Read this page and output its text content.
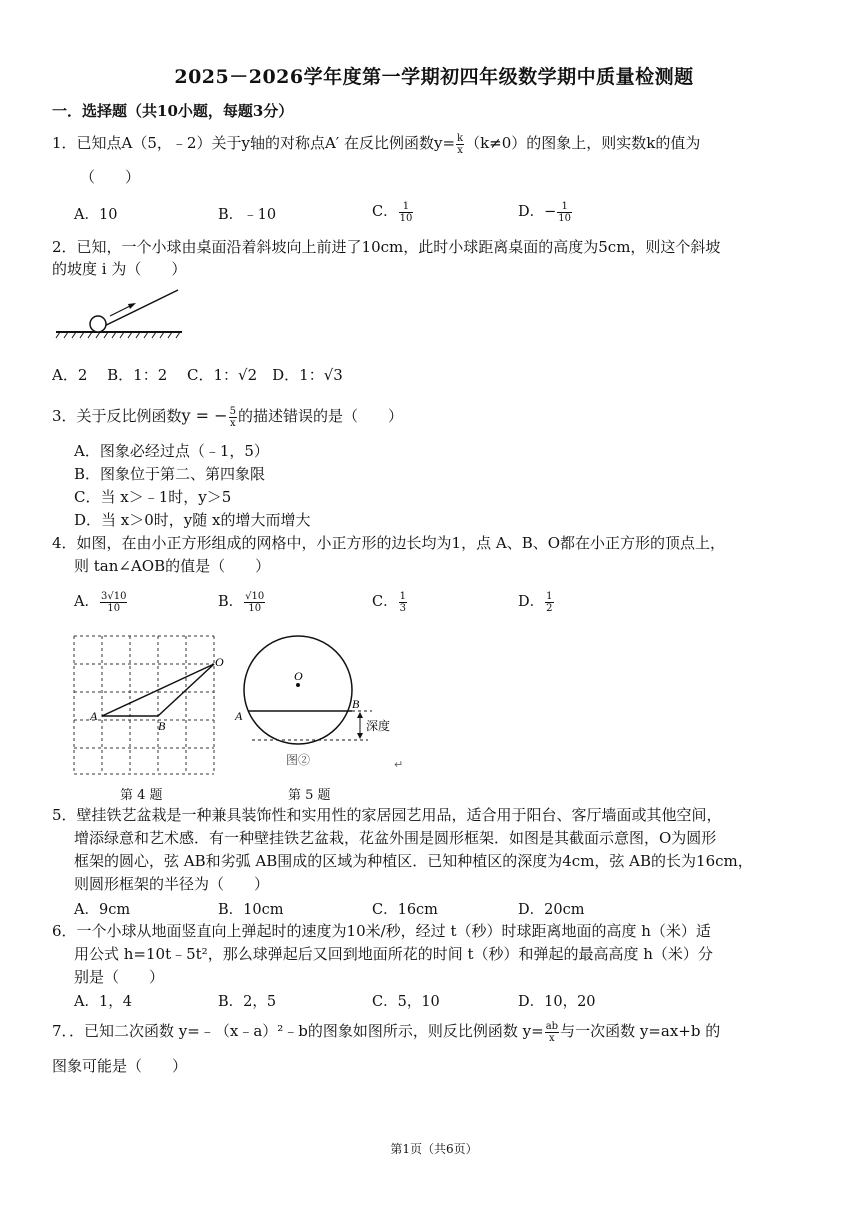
2025－2026学年度第一学期初四年级数学期中质量检测题
一．选择题（共10小题，每题3分）
1．已知点A（5，﹣2）关于y轴的对称点A′ 在反比例函数$y= \frac{k}{x} (k\ne 0)$的图象上，则实数k的值为
（　　）
A．10	B．﹣10	C． $\frac{1}{10}$	D．− $\frac{1}{10}$
2．已知，一个小球由桌面沿着斜坡向上前进了10cm，此时小球距离桌面的高度为5cm，则这个斜坡
的坡度 i 为（　　）
A．2　 B．1：2　 C．1：√2　D．1：√3
3．关于反比例函数y = − $\frac{5}{x}$ 的描述错误的是（　　）
A．图象必经过点（﹣1，5）
B．图象位于第二、第四象限
C．当 x＞﹣1时，y＞5
D．当 x＞0时，y随 x的增大而增大
4．如图，在由小正方形组成的网格中，小正方形的边长均为1，点 A、B、O都在小正方形的顶点上，
则 tan∠AOB的值是（　　）
A． $\frac{3√10}{10}$	B． $\frac{√10}{10}$	C． $\frac{1}{3}$	D． $\frac{1}{2}$
A
B
O
第 4 题
O
A
B
深度
图②	↵
第 5 题
5．壁挂铁艺盆栽是一种兼具装饰性和实用性的家居园艺用品，适合用于阳台、客厅墙面或其他空间，
增添绿意和艺术感．有一种壁挂铁艺盆栽，花盆外围是圆形框架．如图是其截面示意图，O为圆形
框架的圆心，弦 AB和劣弧 AB围成的区域为种植区．已知种植区的深度为4cm，弦 AB的长为16cm，
则圆形框架的半径为（　　）
A．9cm	B．10cm	C．16cm	D．20cm
6．一个小球从地面竖直向上弹起时的速度为10米/秒，经过 t（秒）时球距离地面的高度 h（米）适
用公式 h=10t﹣5t²，那么球弹起后又回到地面所花的时间 t（秒）和弹起的最高高度 h（米）分
别是（　　）
A．1，4	B．2，5	C．5，10	D．10，20
7．．已知二次函数 y=﹣（x﹣a）²﹣b的图象如图所示，则反比例函数 $y= \frac{ab}{x}$ 与一次函数 y=ax+b 的
图象可能是（　　）
第1页（共6页）
